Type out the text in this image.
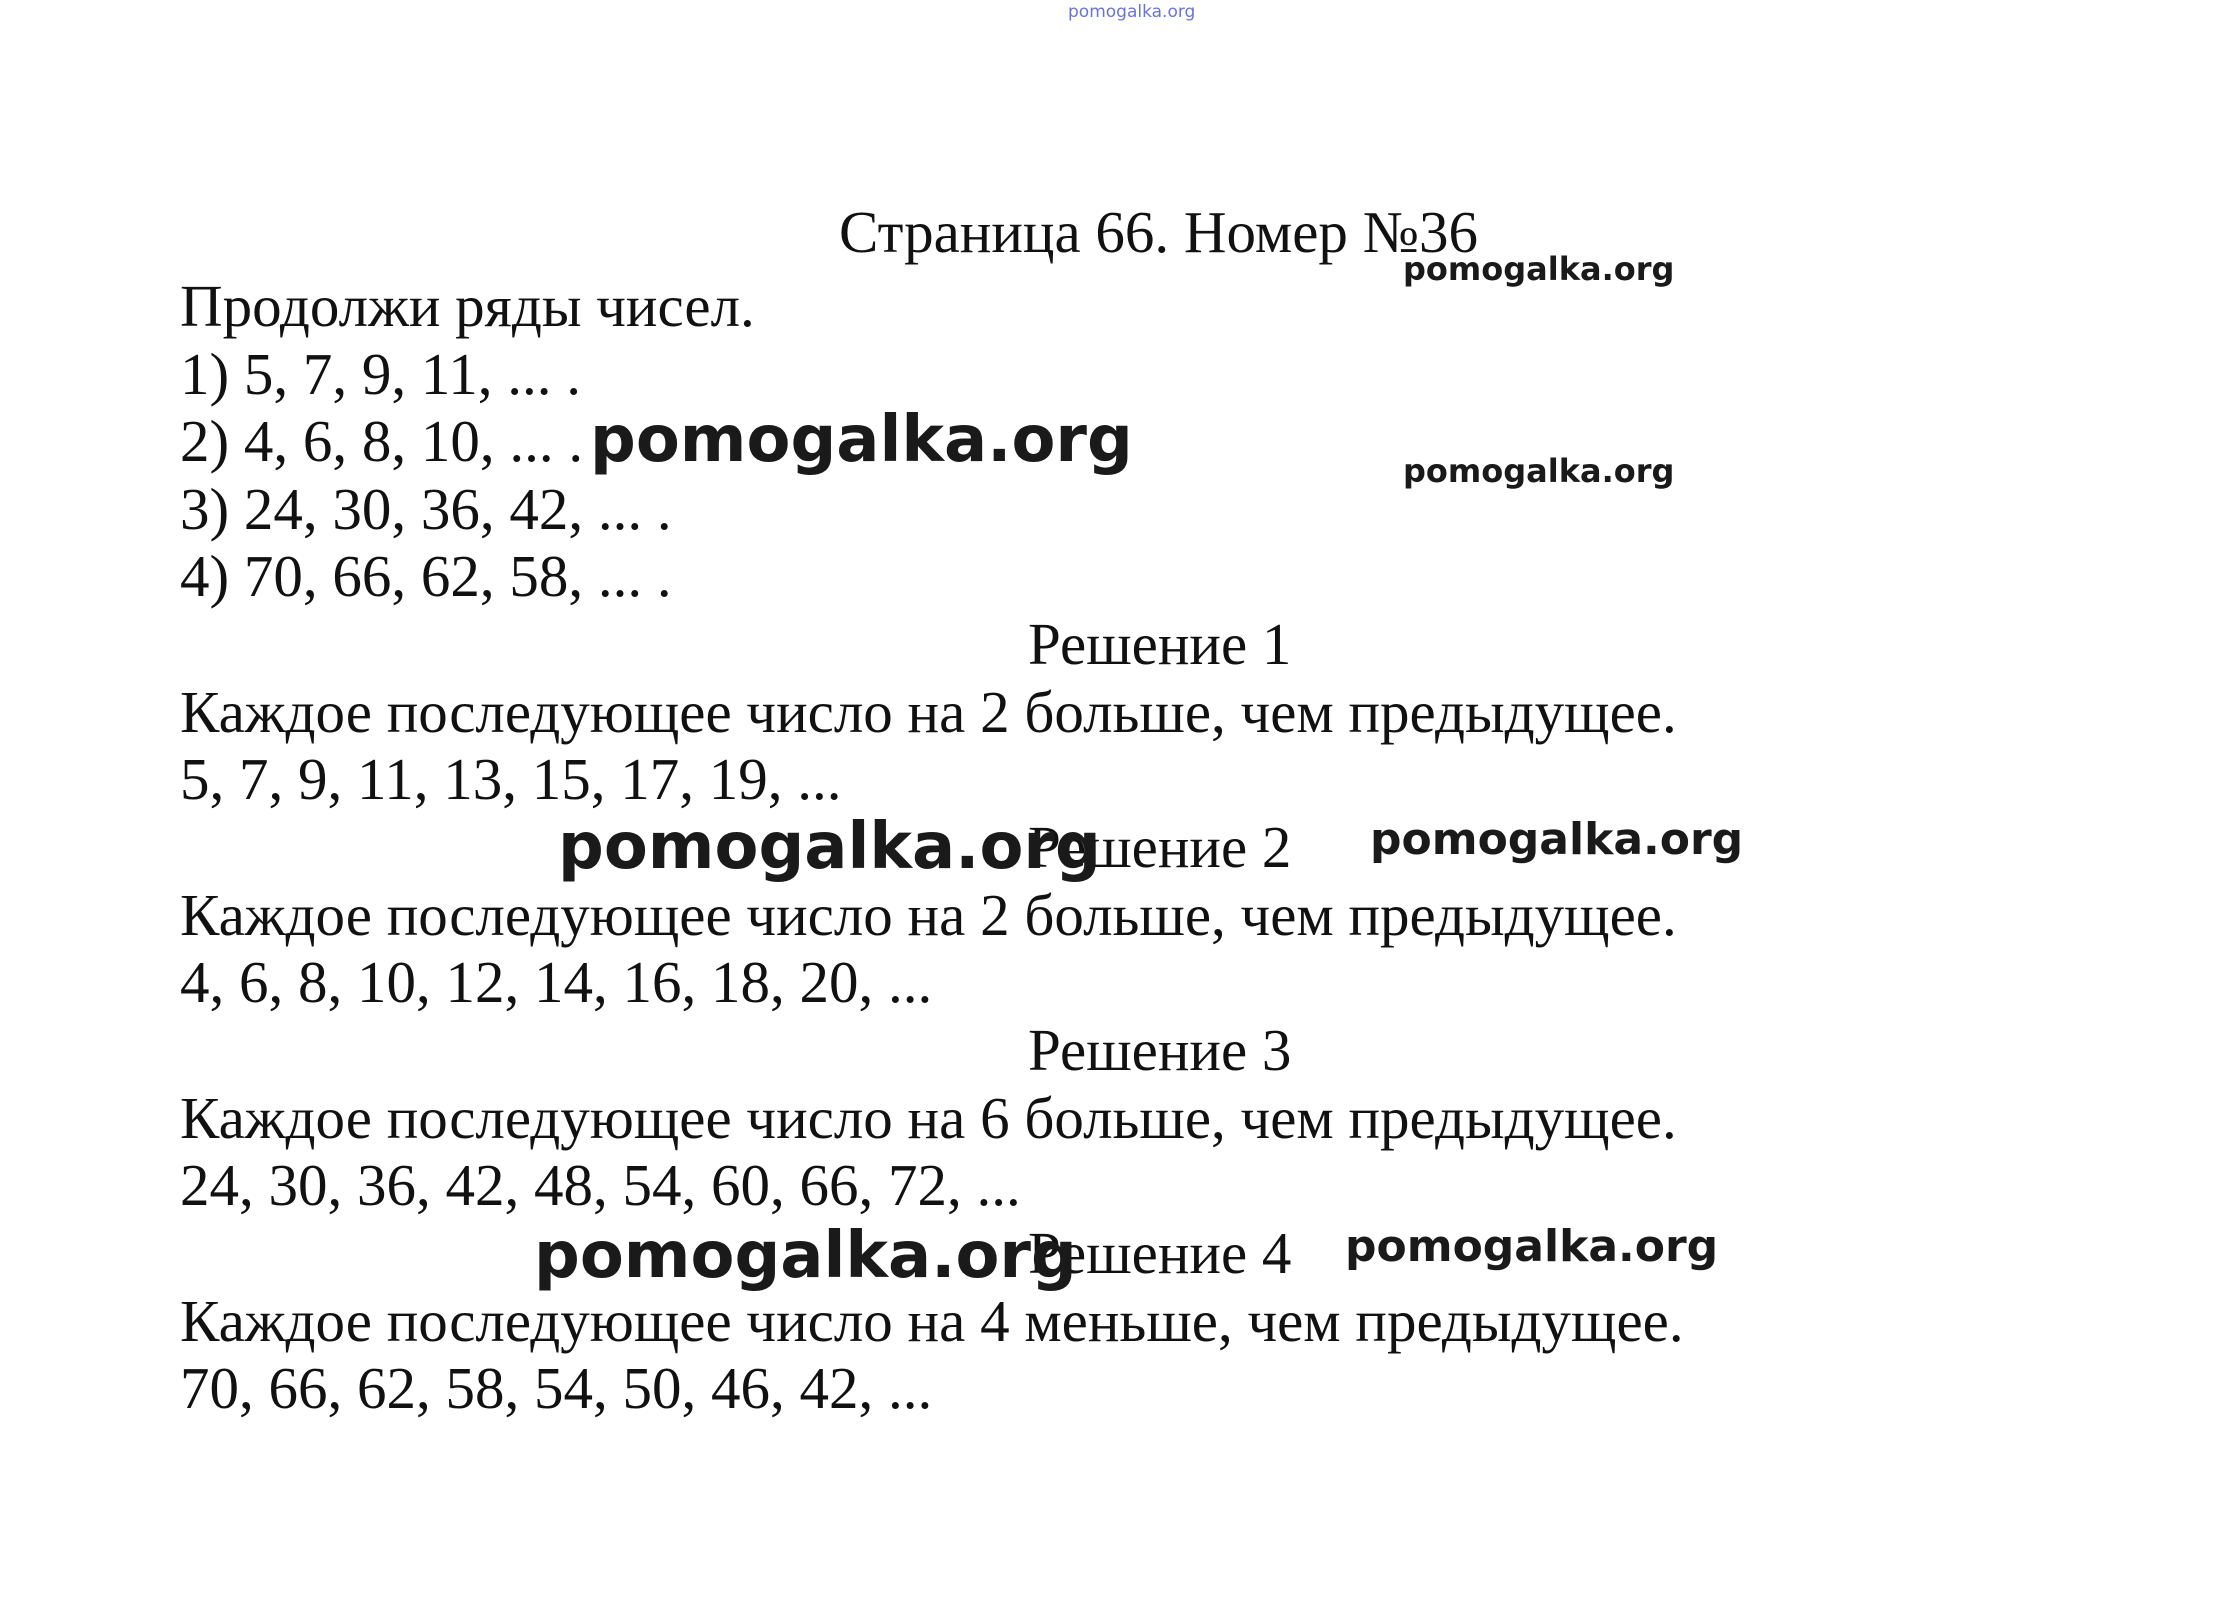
pomogalka.org
Страница 66. Номер №36
Продолжи ряды чисел.
1) 5, 7, 9, 11, ... .
2) 4, 6, 8, 10, ... .
3) 24, 30, 36, 42, ... .
4) 70, 66, 62, 58, ... .
Решение 1
Каждое последующее число на 2 больше, чем предыдущее.
5, 7, 9, 11, 13, 15, 17, 19, ...
Решение 2
Каждое последующее число на 2 больше, чем предыдущее.
4, 6, 8, 10, 12, 14, 16, 18, 20, ...
Решение 3
Каждое последующее число на 6 больше, чем предыдущее.
24, 30, 36, 42, 48, 54, 60, 66, 72, ...
Решение 4
Каждое последующее число на 4 меньше, чем предыдущее.
70, 66, 62, 58, 54, 50, 46, 42, ...
pomogalka.org
pomogalka.org	pomogalka.org
pomogalka.org	pomogalka.org
pomogalka.org	pomogalka.org
